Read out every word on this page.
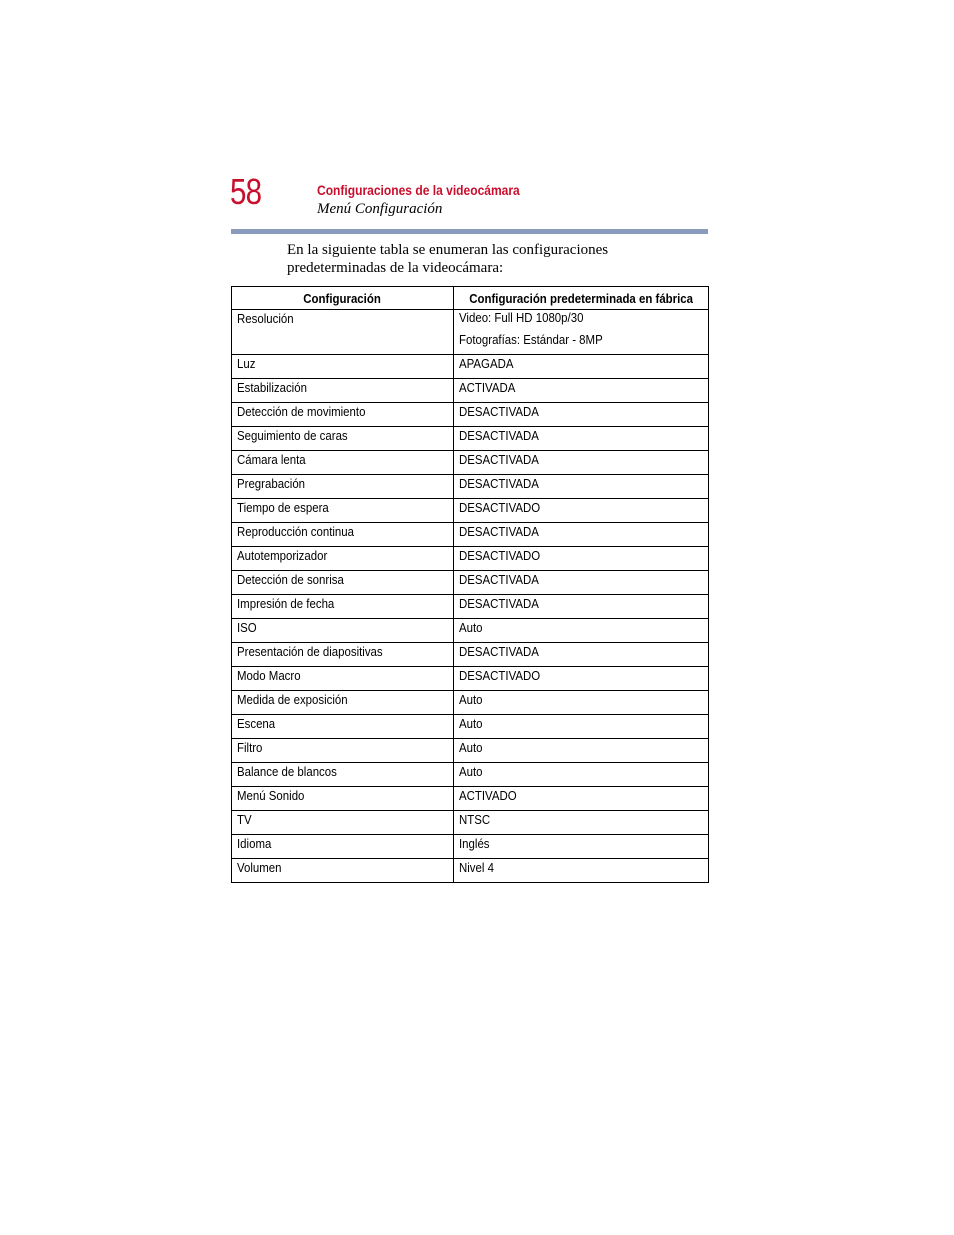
58	Configuraciones de la videocámara
Menú Configuración
En la siguiente tabla se enumeran las configuraciones predeterminadas de la videocámara:
Configuración	Configuración predeterminada en fábrica
Resolución	Video: Full HD 1080p/30
Fotografías: Estándar - 8MP

Luz	APAGADA
Estabilización	ACTIVADA
Detección de movimiento	DESACTIVADA
Seguimiento de caras	DESACTIVADA
Cámara lenta	DESACTIVADA
Pregrabación	DESACTIVADA
Tiempo de espera	DESACTIVADO
Reproducción continua	DESACTIVADA
Autotemporizador	DESACTIVADO
Detección de sonrisa	DESACTIVADA
Impresión de fecha	DESACTIVADA
ISO	Auto
Presentación de diapositivas	DESACTIVADA
Modo Macro	DESACTIVADO
Medida de exposición	Auto
Escena	Auto
Filtro	Auto
Balance de blancos	Auto
Menú Sonido	ACTIVADO
TV	NTSC
Idioma	Inglés
Volumen	Nivel 4
